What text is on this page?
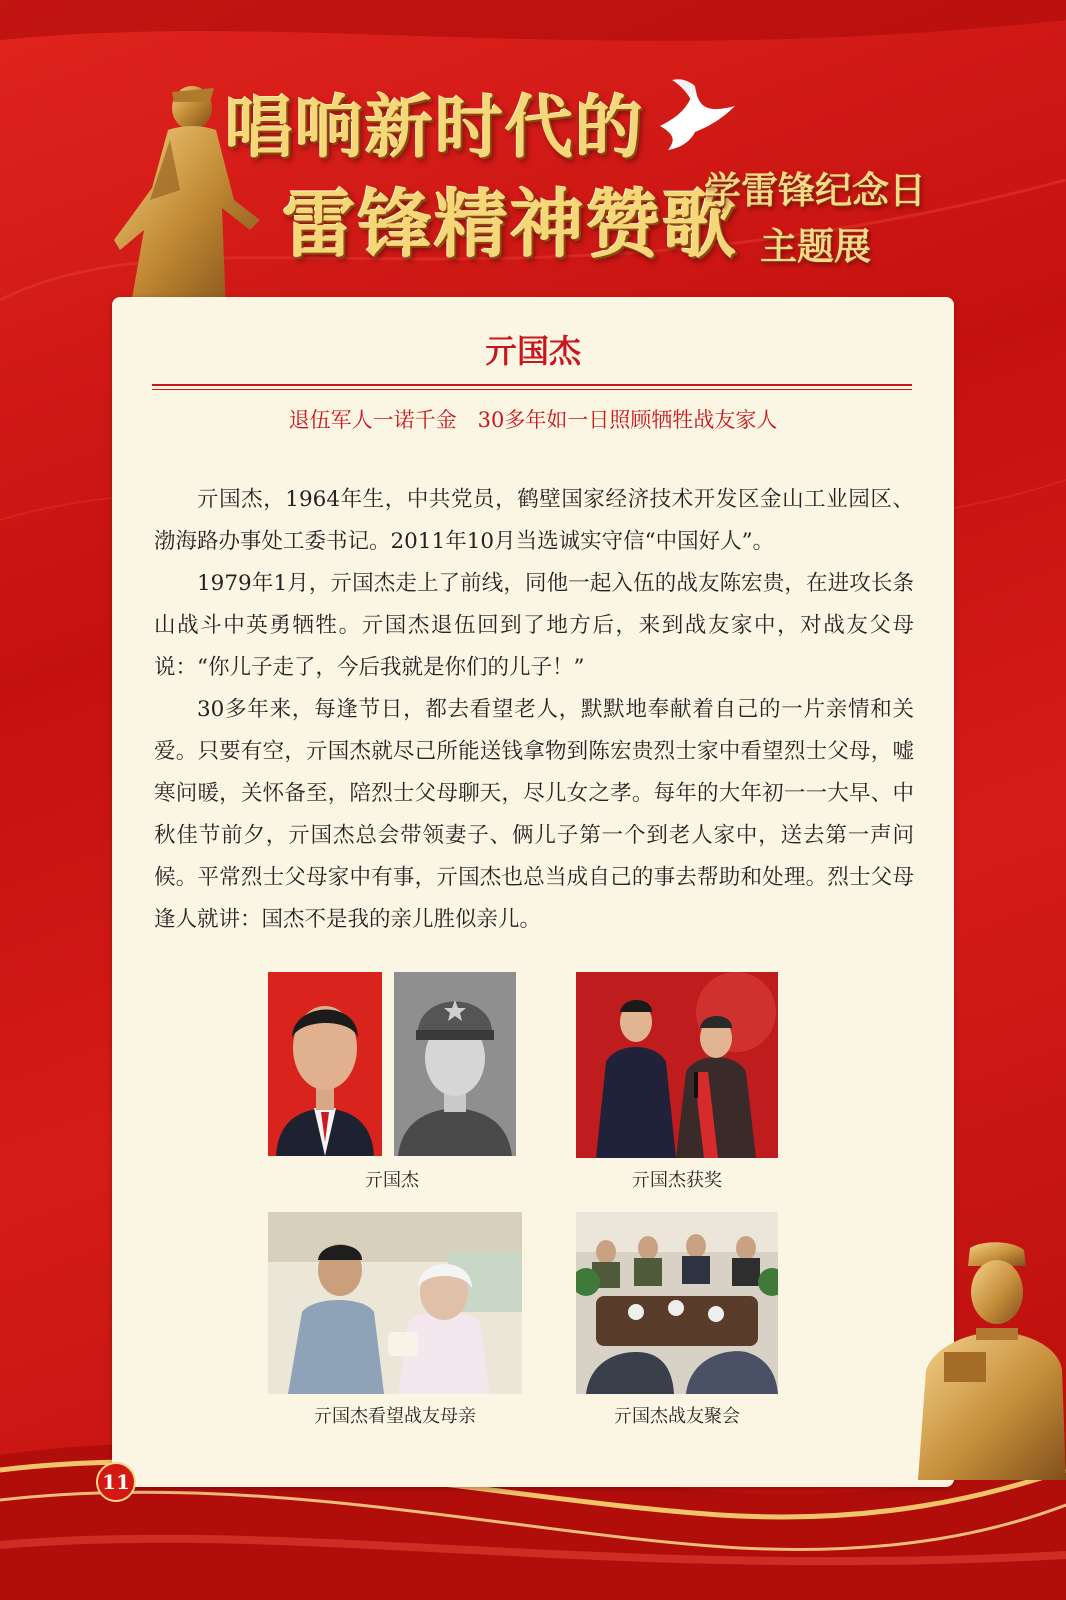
唱响新时代的
雷锋精神赞歌
学雷锋纪念日
主题展
亓国杰
退伍军人一诺千金　30多年如一日照顾牺牲战友家人

亓国杰，1964年生，中共党员，鹤壁国家经济技术开发区金山工业园区、渤海路办事处工委书记。2011年10月当选诚实守信“中国好人”。

1979年1月，亓国杰走上了前线，同他一起入伍的战友陈宏贵，在进攻长条山战斗中英勇牺牲。亓国杰退伍回到了地方后，来到战友家中，对战友父母说：“你儿子走了，今后我就是你们的儿子！”

30多年来，每逢节日，都去看望老人，默默地奉献着自己的一片亲情和关爱。只要有空，亓国杰就尽己所能送钱拿物到陈宏贵烈士家中看望烈士父母，嘘寒问暖，关怀备至，陪烈士父母聊天，尽儿女之孝。每年的大年初一一大早、中秋佳节前夕，亓国杰总会带领妻子、俩儿子第一个到老人家中，送去第一声问候。平常烈士父母家中有事，亓国杰也总当成自己的事去帮助和处理。烈士父母逢人就讲：国杰不是我的亲儿胜似亲儿。

亓国杰	亓国杰获奖
亓国杰看望战友母亲	亓国杰战友聚会
11
